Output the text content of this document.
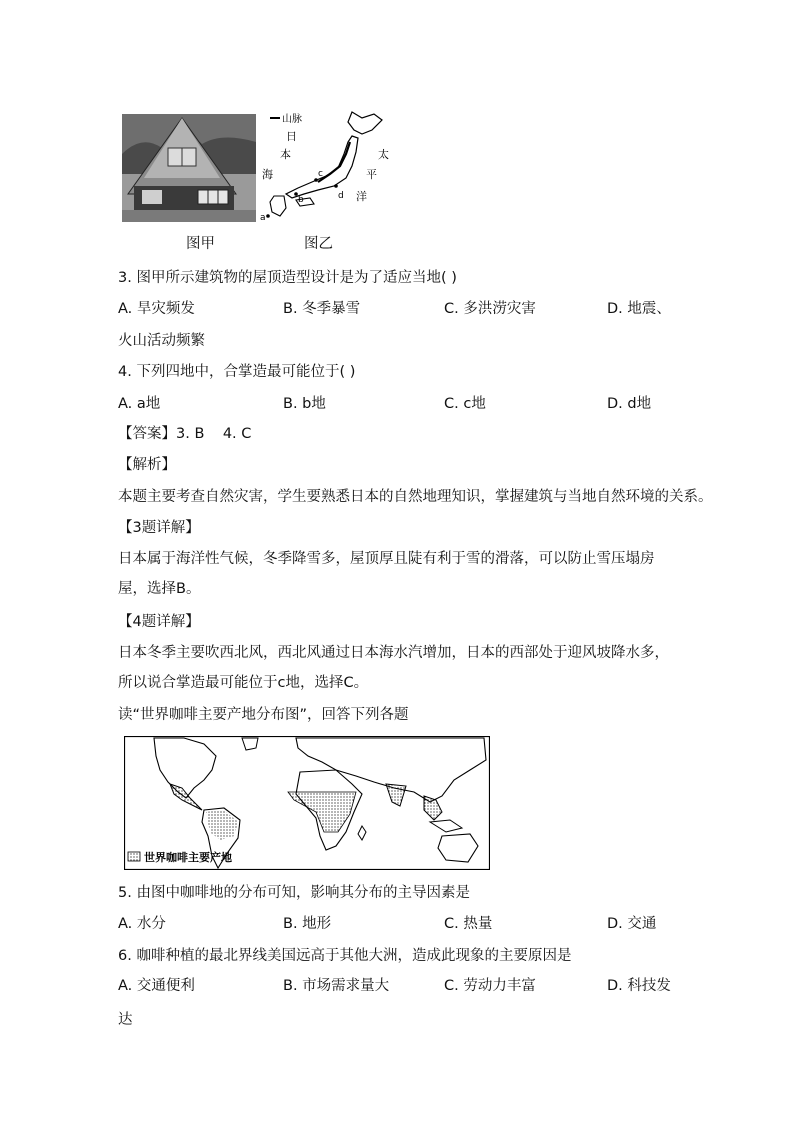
山脉
日
本
海
太
平
洋
c
b	d
a
图甲	图乙
3. 图甲所示建筑物的屋顶造型设计是为了适应当地( )
A. 旱灾频发	B. 冬季暴雪	C. 多洪涝灾害	D. 地震、
火山活动频繁
4. 下列四地中，合掌造最可能位于( )
A. a地	B. b地	C. c地	D. d地
【答案】3. B    4. C
【解析】
本题主要考查自然灾害，学生要熟悉日本的自然地理知识，掌握建筑与当地自然环境的关系。
【3题详解】
日本属于海洋性气候，冬季降雪多，屋顶厚且陡有利于雪的滑落，可以防止雪压塌房屋，选择B。
【4题详解】
日本冬季主要吹西北风，西北风通过日本海水汽增加，日本的西部处于迎风坡降水多，所以说合掌造最可能位于c地，选择C。
读“世界咖啡主要产地分布图”，回答下列各题
世界咖啡主要产地
5. 由图中咖啡地的分布可知，影响其分布的主导因素是
A. 水分	B. 地形	C. 热量	D. 交通
6. 咖啡种植的最北界线美国远高于其他大洲，造成此现象的主要原因是
A. 交通便利	B. 市场需求量大	C. 劳动力丰富	D. 科技发
达
